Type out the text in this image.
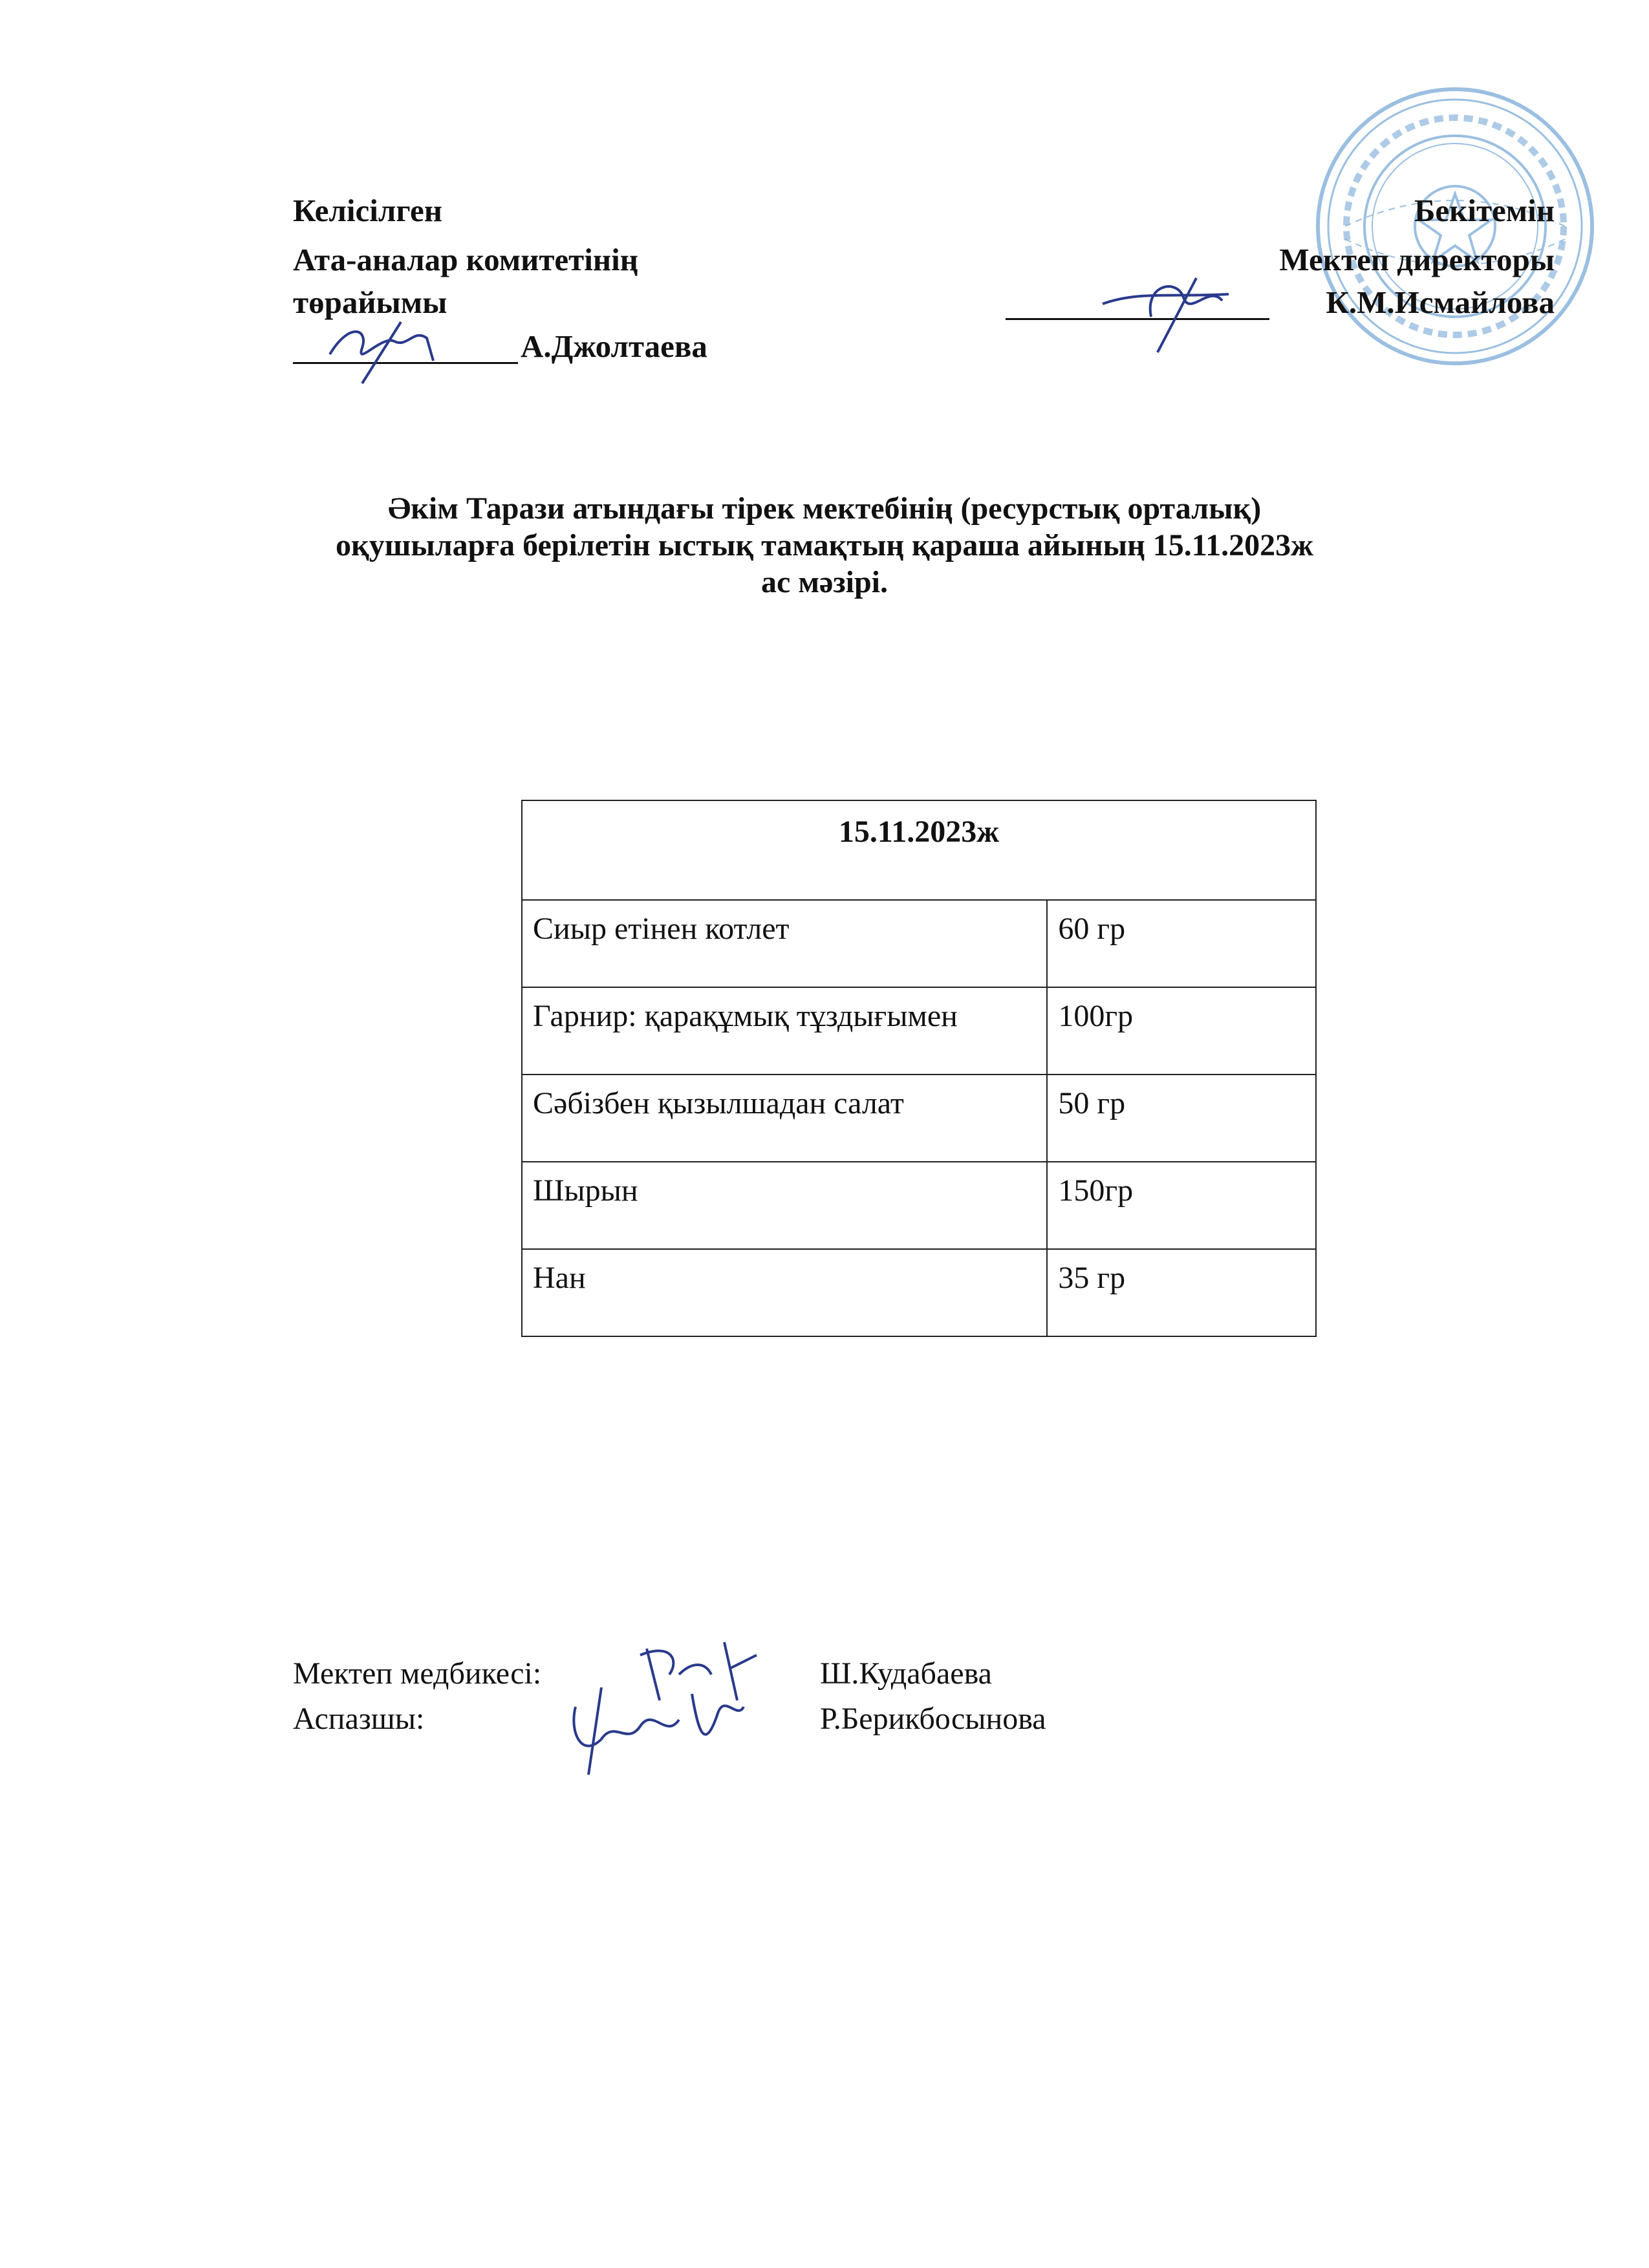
Келісілген
Ата-аналар комитетінің
төрайымы
А.Джолтаева
Бекітемін
Мектеп директоры
К.М.Исмайлова
Әкім Тарази атындағы тірек мектебінің (ресурстық орталық)
оқушыларға берілетін ыстық тамақтың қараша айының 15.11.2023ж
ас мәзірі.
15.11.2023ж	
Сиыр етінен котлет	60 гр
Гарнир: қарақұмық тұздығымен	100гр
Сәбізбен қызылшадан салат	50 гр
Шырын	150гр
Нан	35 гр
Мектеп медбикесі:	Ш.Кудабаева
Аспазшы:	Р.Берикбосынова
